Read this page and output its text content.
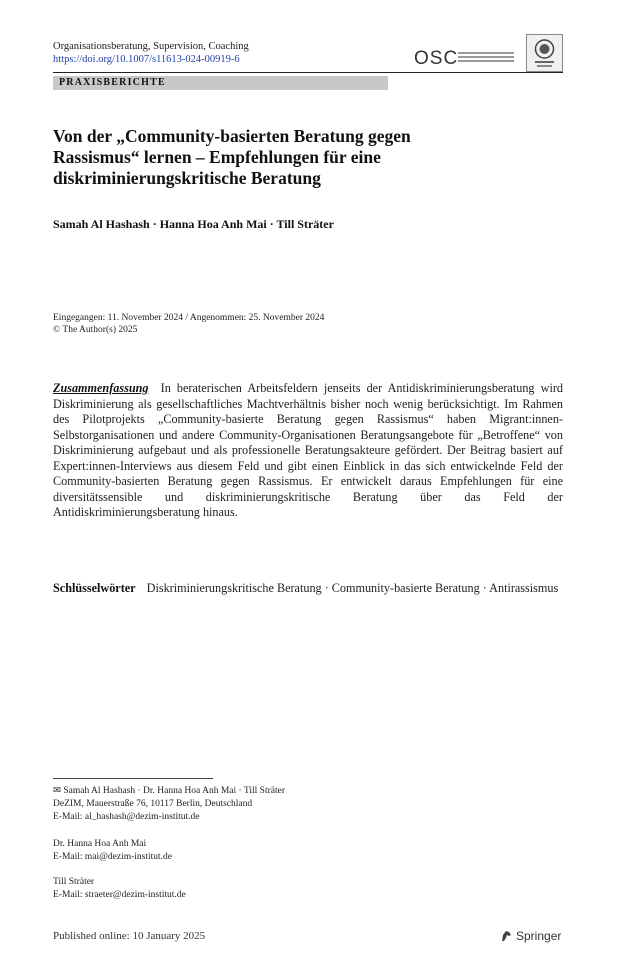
Organisationsberatung, Supervision, Coaching
https://doi.org/10.1007/s11613-024-00919-6	OSC
PRAXISBERICHTE
Von der „Community-basierten Beratung gegen
Rassismus“ lernen – Empfehlungen für eine
diskriminierungskritische Beratung
Samah Al Hashash · Hanna Hoa Anh Mai · Till Sträter
Eingegangen: 11. November 2024 / Angenommen: 25. November 2024
© The Author(s) 2025

Zusammenfassung In beraterischen Arbeitsfeldern jenseits der Antidiskriminierungsberatung wird Diskriminierung als gesellschaftliches Machtverhältnis bisher noch wenig berücksichtigt. Im Rahmen des Pilotprojekts „Community-basierte Beratung gegen Rassismus“ haben Migrant:innen-Selbstorganisationen und andere Community-Organisationen Beratungsangebote für „Betroffene“ von Diskriminierung aufgebaut und als professionelle Beratungsakteure gefördert. Der Beitrag basiert auf Expert:innen-Interviews aus diesem Feld und gibt einen Einblick in das sich entwickelnde Feld der Community-basierten Beratung gegen Rassismus. Er entwickelt daraus Empfehlungen für eine diversitätssensible und diskriminierungskritische Beratung über das Feld der Antidiskriminierungsberatung hinaus.

Schlüsselwörter Diskriminierungskritische Beratung · Community-basierte Beratung · Antirassismus

✉ Samah Al Hashash · Dr. Hanna Hoa Anh Mai · Till Sträter
DeZIM, Mauerstraße 76, 10117 Berlin, Deutschland
E-Mail: al_hashash@dezim-institut.de
Dr. Hanna Hoa Anh Mai
E-Mail: mai@dezim-institut.de
Till Sträter
E-Mail: straeter@dezim-institut.de
Published online: 10 January 2025	Springer
